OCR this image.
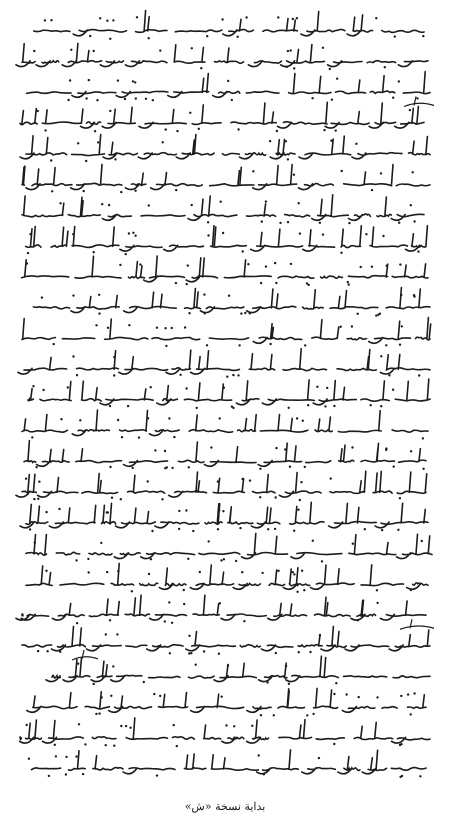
بداية نسخة «ش»
